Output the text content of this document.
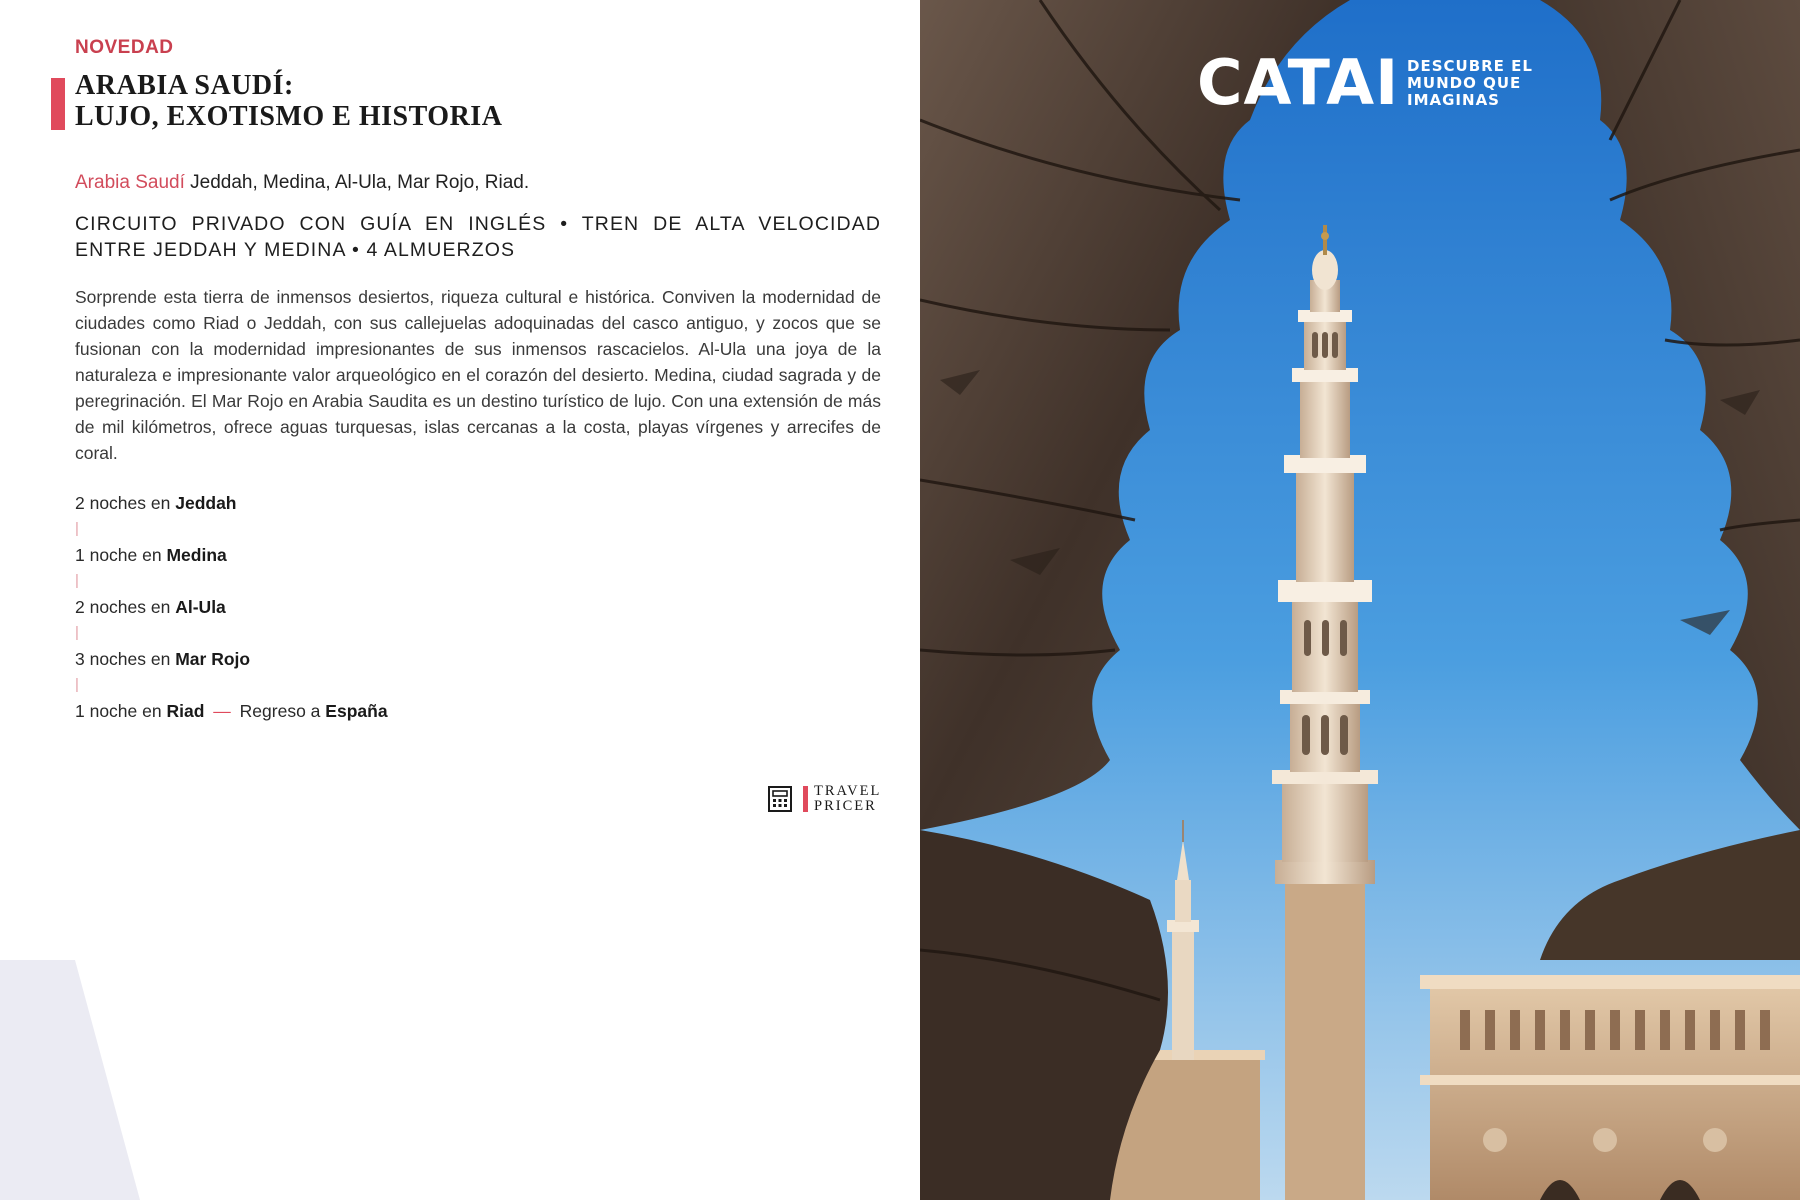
NOVEDAD
ARABIA SAUDÍ:
LUJO, EXOTISMO E HISTORIA
Arabia Saudí Jeddah, Medina, Al-Ula, Mar Rojo, Riad.
CIRCUITO PRIVADO CON GUÍA EN INGLÉS • TREN DE ALTA VELOCIDAD ENTRE JEDDAH Y MEDINA • 4 ALMUERZOS

Sorprende esta tierra de inmensos desiertos, riqueza cultural e histórica. Conviven la modernidad de ciudades como Riad o Jeddah, con sus callejuelas adoquinadas del casco antiguo, y zocos que se fusionan con la modernidad impresionantes de sus inmensos rascacielos. Al-Ula una joya de la naturaleza e impresionante valor arqueológico en el corazón del desierto. Medina, ciudad sagrada y de peregrinación. El Mar Rojo en Arabia Saudita es un destino turístico de lujo. Con una extensión de más de mil kilómetros, ofrece aguas turquesas, islas cercanas a la costa, playas vírgenes y arrecifes de coral.

2 noches en Jeddah
|
1 noche en Medina
|
2 noches en Al-Ula
|
3 noches en Mar Rojo
|
1 noche en Riad — Regreso a España
TRAVEL
PRICER
CATAI DESCUBRE EL
MUNDO QUE
IMAGINAS
